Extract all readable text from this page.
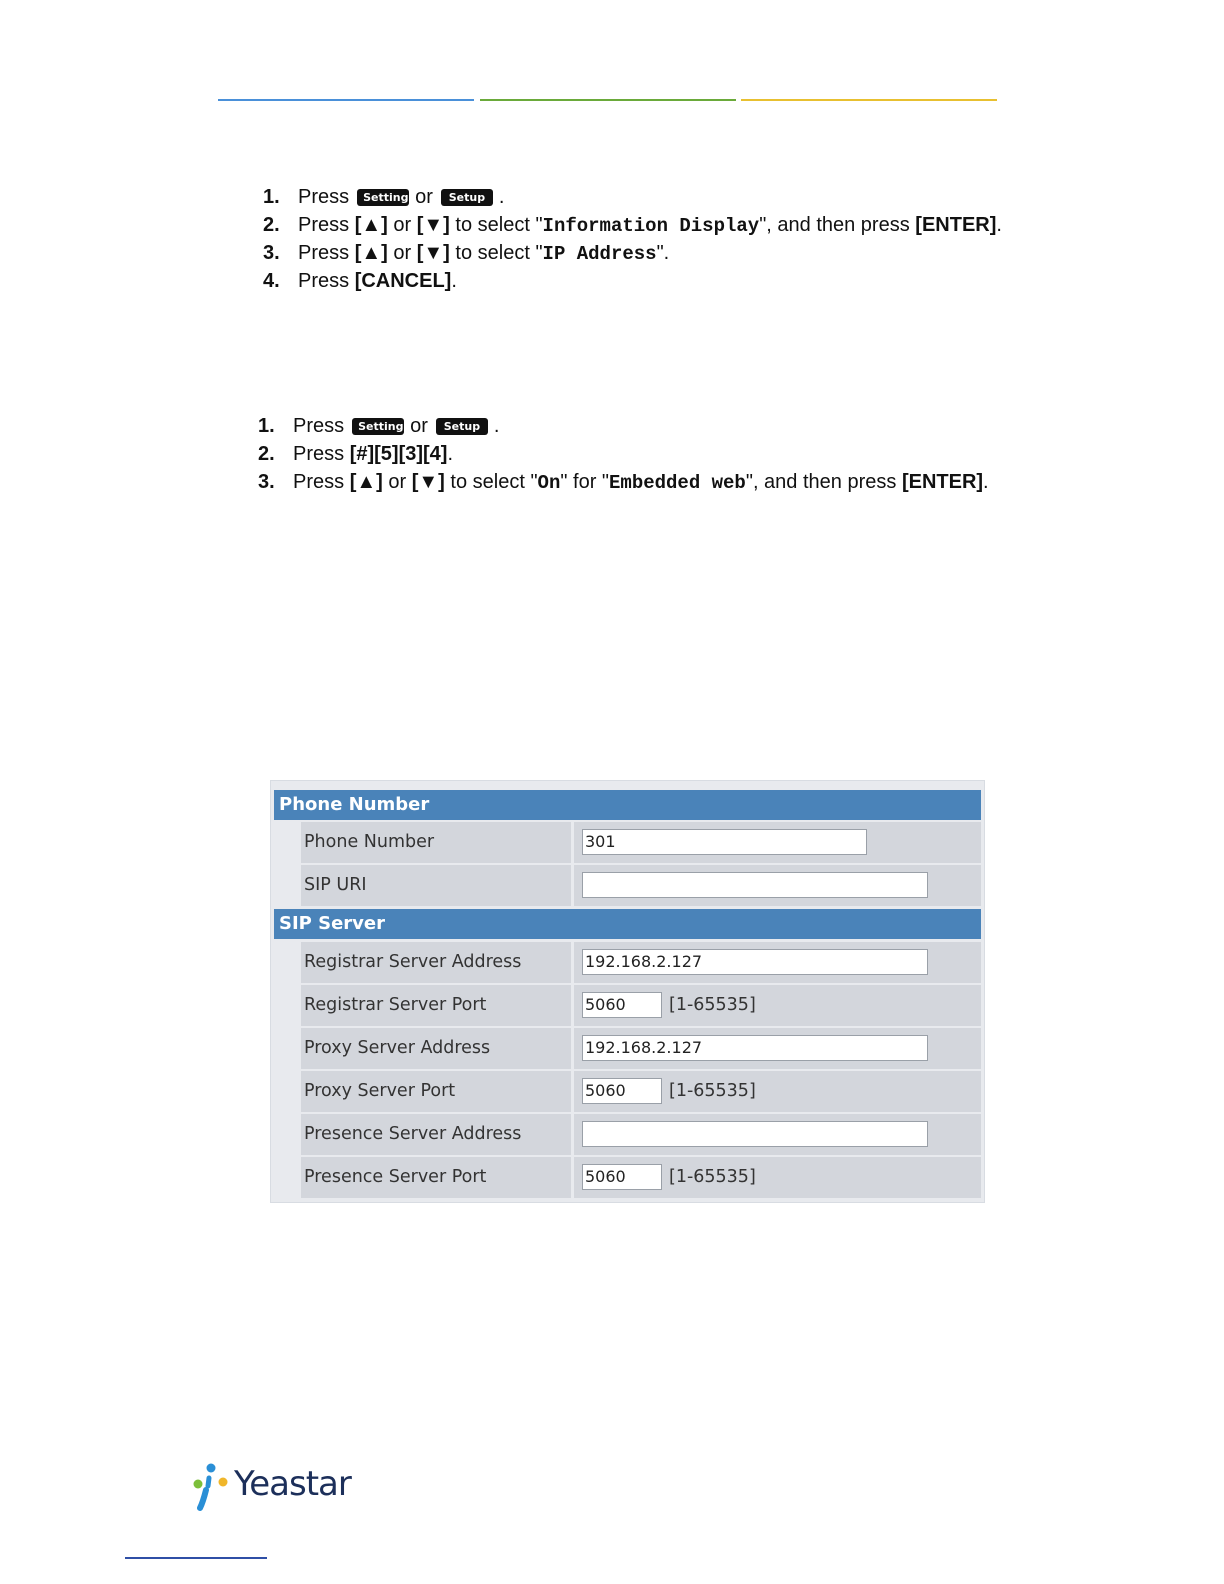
1. Press Setting or Setup .
2. Press [▲] or [▼] to select "Information Display", and then press [ENTER].
3. Press [▲] or [▼] to select "IP Address".
4. Press [CANCEL].
1. Press Setting or Setup .
2. Press [#][5][3][4].
3. Press [▲] or [▼] to select "On" for "Embedded web", and then press [ENTER].
Phone Number
Phone Number	301
SIP URI
SIP Server
Registrar Server Address	192.168.2.127
Registrar Server Port	5060	[1-65535]
Proxy Server Address	192.168.2.127
Proxy Server Port	5060	[1-65535]
Presence Server Address
Presence Server Port	5060	[1-65535]
Yeastar
